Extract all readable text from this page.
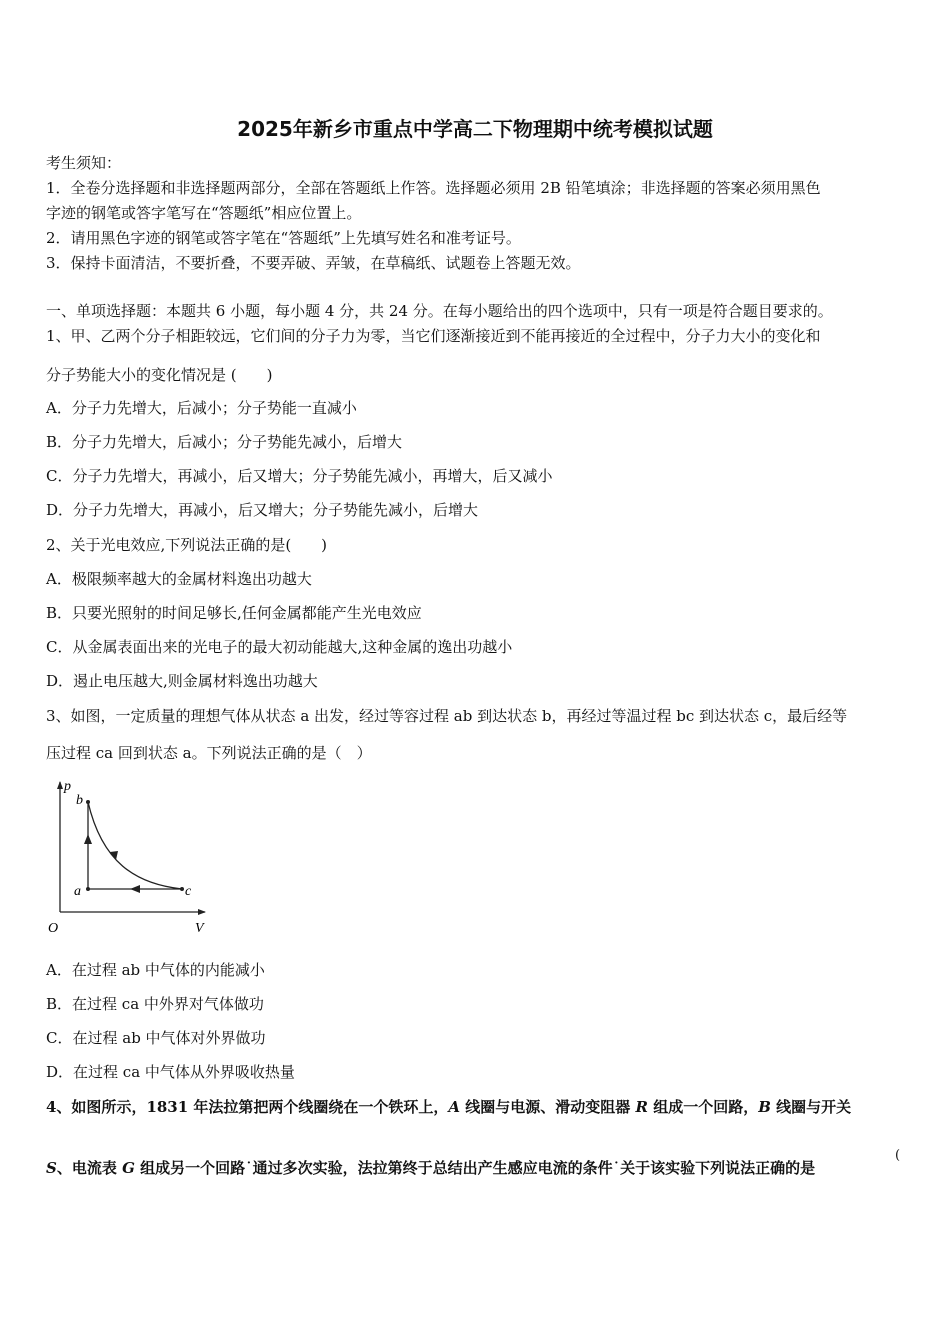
2025年新乡市重点中学高二下物理期中统考模拟试题
考生须知：
1．全卷分选择题和非选择题两部分，全部在答题纸上作答。选择题必须用 2B 铅笔填涂；非选择题的答案必须用黑色
字迹的钢笔或答字笔写在“答题纸”相应位置上。
2．请用黑色字迹的钢笔或答字笔在“答题纸”上先填写姓名和准考证号。
3．保持卡面清洁，不要折叠，不要弄破、弄皱，在草稿纸、试题卷上答题无效。
一、单项选择题：本题共 6 小题，每小题 4 分，共 24 分。在每小题给出的四个选项中，只有一项是符合题目要求的。
1、甲、乙两个分子相距较远，它们间的分子力为零，当它们逐渐接近到不能再接近的全过程中，分子力大小的变化和
分子势能大小的变化情况是 (　　)
A．分子力先增大，后减小；分子势能一直减小
B．分子力先增大，后减小；分子势能先减小，后增大
C．分子力先增大，再减小，后又增大；分子势能先减小，再增大，后又减小
D．分子力先增大，再减小，后又增大；分子势能先减小，后增大
2、关于光电效应,下列说法正确的是(　　)
A．极限频率越大的金属材料逸出功越大
B．只要光照射的时间足够长,任何金属都能产生光电效应
C．从金属表面出来的光电子的最大初动能越大,这种金属的逸出功越小
D．遏止电压越大,则金属材料逸出功越大
3、如图，一定质量的理想气体从状态 a 出发，经过等容过程 ab 到达状态 b，再经过等温过程 bc 到达状态 c，最后经等
压过程 ca 回到状态 a。下列说法正确的是（　）
p
V
O
a
b
c
A．在过程 ab 中气体的内能减小
B．在过程 ca 中外界对气体做功
C．在过程 ab 中气体对外界做功
D．在过程 ca 中气体从外界吸收热量
4、如图所示，1831 年法拉第把两个线圈绕在一个铁环上，A 线圈与电源、滑动变阻器 R 组成一个回路，B 线圈与开关
S、电流表 G 组成另一个回路˙通过多次实验，法拉第终于总结出产生感应电流的条件˙关于该实验下列说法正确的是
(
